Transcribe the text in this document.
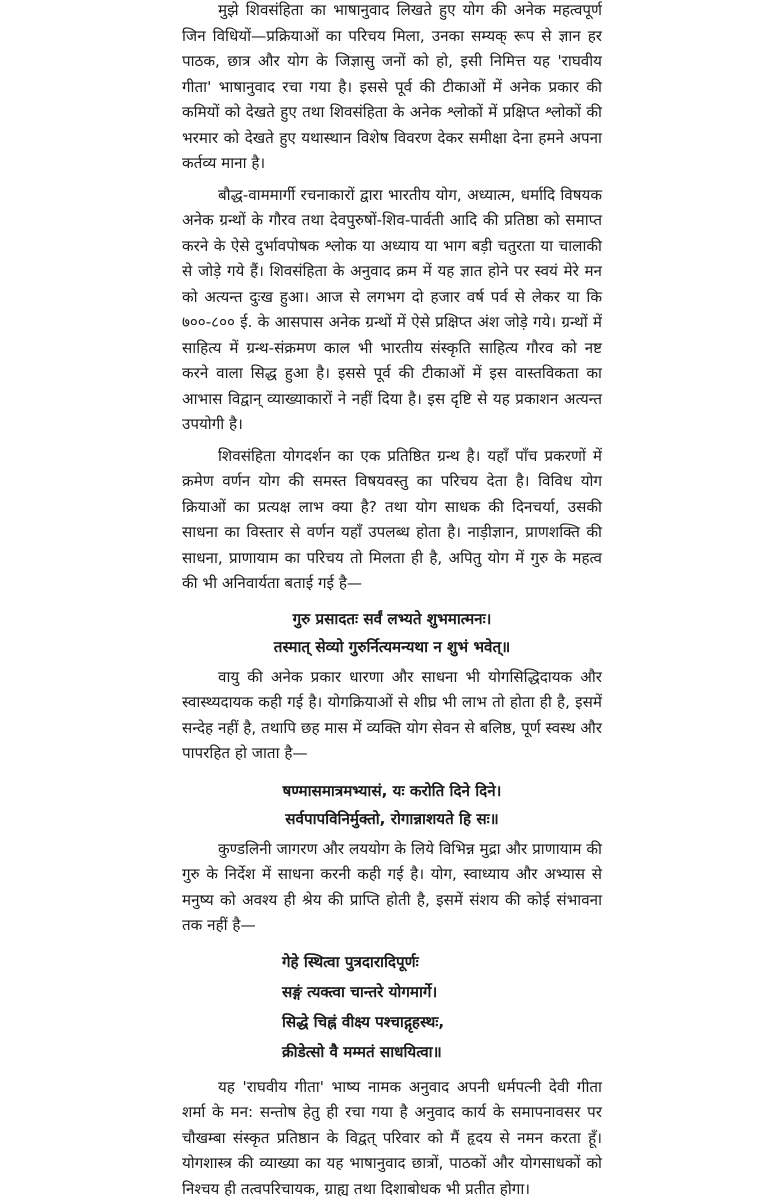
मुझे शिवसंहिता का भाषानुवाद लिखते हुए योग की अनेक महत्वपूर्ण जिन विधियों—प्रक्रियाओं का परिचय मिला, उनका सम्यक् रूप से ज्ञान हर पाठक, छात्र और योग के जिज्ञासु जनों को हो, इसी निमित्त यह 'राघवीय गीता' भाषानुवाद रचा गया है। इससे पूर्व की टीकाओं में अनेक प्रकार की कमियों को देखते हुए तथा शिवसंहिता के अनेक श्लोकों में प्रक्षिप्त श्लोकों की भरमार को देखते हुए यथास्थान विशेष विवरण देकर समीक्षा देना हमने अपना कर्तव्य माना है।

बौद्ध-वाममार्गी रचनाकारों द्वारा भारतीय योग, अध्यात्म, धर्मादि विषयक अनेक ग्रन्थों के गौरव तथा देवपुरुषों-शिव-पार्वती आदि की प्रतिष्ठा को समाप्त करने के ऐसे दुर्भावपोषक श्लोक या अध्याय या भाग बड़ी चतुरता या चालाकी से जोड़े गये हैं। शिवसंहिता के अनुवाद क्रम में यह ज्ञात होने पर स्वयं मेरे मन को अत्यन्त दुःख हुआ। आज से लगभग दो हजार वर्ष पर्व से लेकर या कि ७००-८०० ई. के आसपास अनेक ग्रन्थों में ऐसे प्रक्षिप्त अंश जोड़े गये। ग्रन्थों में साहित्य में ग्रन्थ-संक्रमण काल भी भारतीय संस्कृति साहित्य गौरव को नष्ट करने वाला सिद्ध हुआ है। इससे पूर्व की टीकाओं में इस वास्तविकता का आभास विद्वान् व्याख्याकारों ने नहीं दिया है। इस दृष्टि से यह प्रकाशन अत्यन्त उपयोगी है।

शिवसंहिता योगदर्शन का एक प्रतिष्ठित ग्रन्थ है। यहाँ पाँच प्रकरणों में क्रमेण वर्णन योग की समस्त विषयवस्तु का परिचय देता है। विविध योग क्रियाओं का प्रत्यक्ष लाभ क्या है? तथा योग साधक की दिनचर्या, उसकी साधना का विस्तार से वर्णन यहाँ उपलब्ध होता है। नाड़ीज्ञान, प्राणशक्ति की साधना, प्राणायाम का परिचय तो मिलता ही है, अपितु योग में गुरु के महत्व की भी अनिवार्यता बताई गई है—

गुरु प्रसादतः सर्वं लभ्यते शुभमात्मनः।

तस्मात् सेव्यो गुरुर्नित्यमन्यथा न शुभं भवेत्॥

वायु की अनेक प्रकार धारणा और साधना भी योगसिद्धिदायक और स्वास्थ्यदायक कही गई है। योगक्रियाओं से शीघ्र भी लाभ तो होता ही है, इसमें सन्देह नहीं है, तथापि छह मास में व्यक्ति योग सेवन से बलिष्ठ, पूर्ण स्वस्थ और पापरहित हो जाता है—

षण्मासमात्रमभ्यासं, यः करोति दिने दिने।

सर्वपापविनिर्मुक्तो, रोगान्नाशयते हि सः॥

कुण्डलिनी जागरण और लययोग के लिये विभिन्न मुद्रा और प्राणायाम की गुरु के निर्देश में साधना करनी कही गई है। योग, स्वाध्याय और अभ्यास से मनुष्य को अवश्य ही श्रेय की प्राप्ति होती है, इसमें संशय की कोई संभावना तक नहीं है—

गेहे स्थित्वा पुत्रदारादिपूर्णः

सङ्गं त्यक्त्वा चान्तरे योगमार्गे।

सिद्धे चिह्नं वीक्ष्य पश्चाद्गृहस्थः,

क्रीडेत्सो वै मम्मतं साधयित्वा॥

यह 'राघवीय गीता' भाष्य नामक अनुवाद अपनी धर्मपत्नी देवी गीता शर्मा के मन: सन्तोष हेतु ही रचा गया है अनुवाद कार्य के समापनावसर पर चौखम्बा संस्कृत प्रतिष्ठान के विद्वत् परिवार को मैं हृदय से नमन करता हूँ। योगशास्त्र की व्याख्या का यह भाषानुवाद छात्रों, पाठकों और योगसाधकों को निश्चय ही तत्वपरिचायक, ग्राह्य तथा दिशाबोधक भी प्रतीत होगा।
